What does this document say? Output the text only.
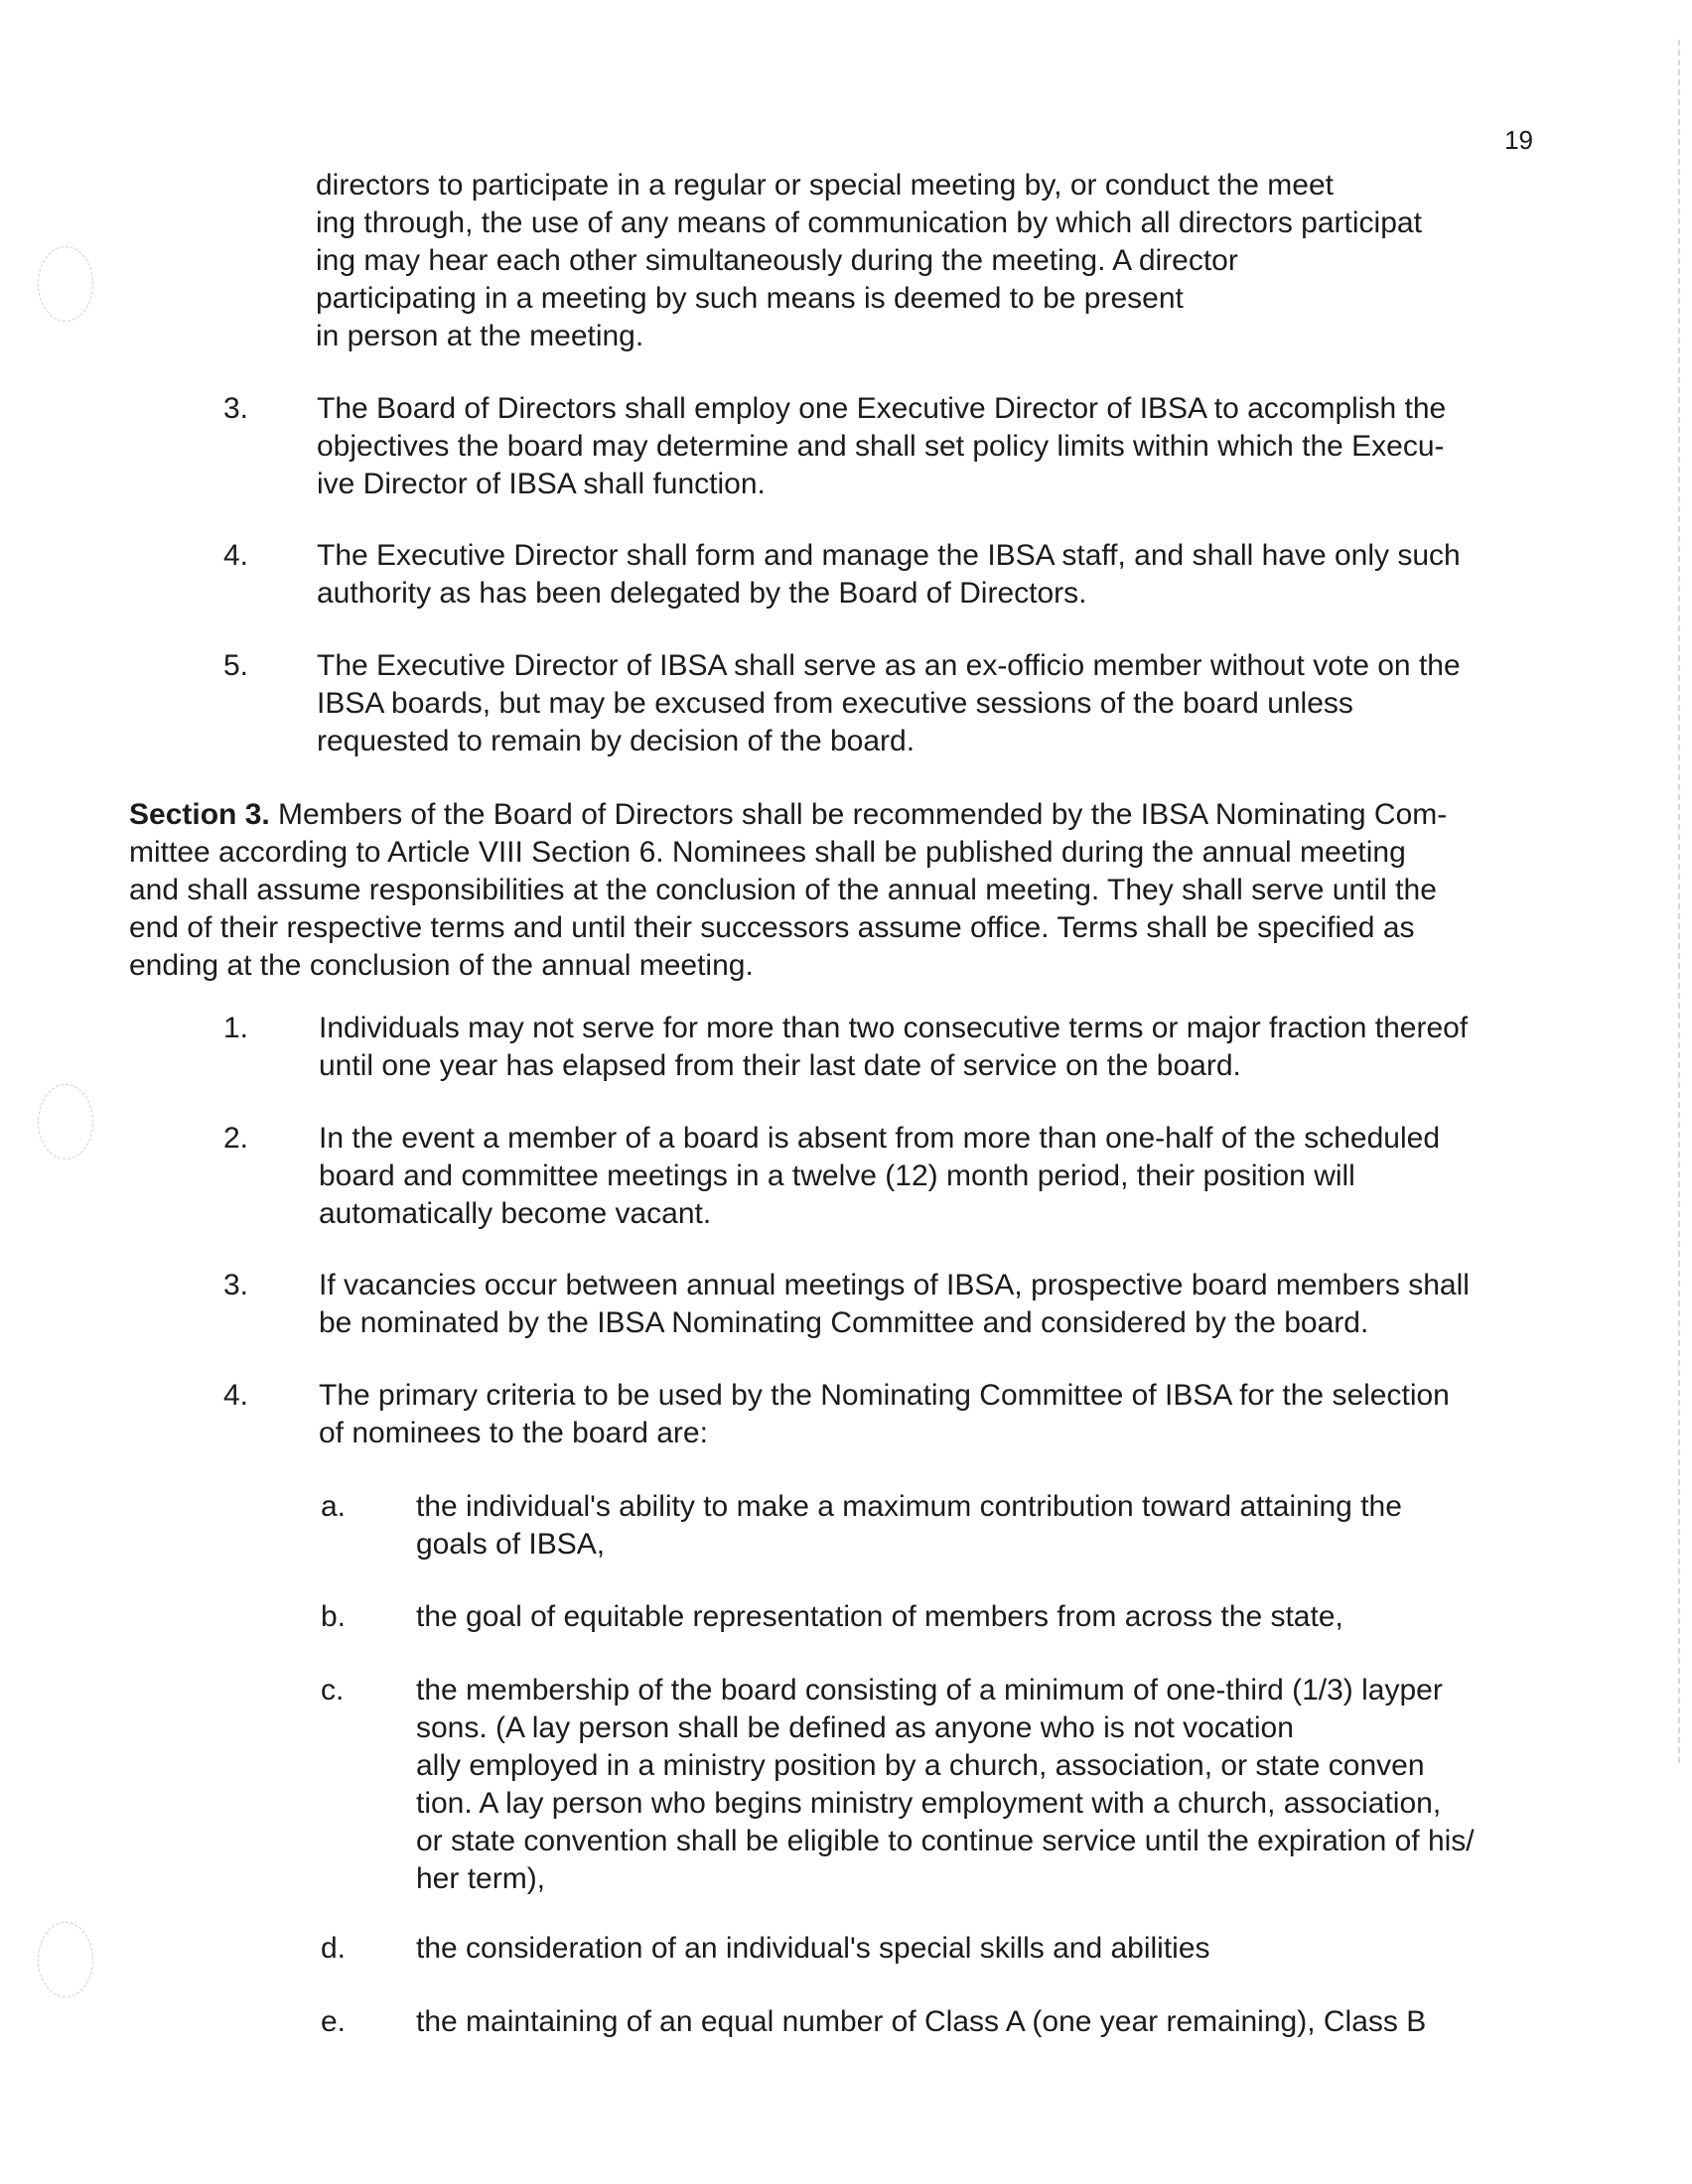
19
directors to participate in a regular or special meeting by, or conduct the meet
ing through, the use of any means of communication by which all directors participat
ing may hear each other simultaneously during the meeting. A director
participating in a meeting by such means is deemed to be present
in person at the meeting.
3. The Board of Directors shall employ one Executive Director of IBSA to accomplish the
objectives the board may determine and shall set policy limits within which the Execu-
ive Director of IBSA shall function.
4. The Executive Director shall form and manage the IBSA staff, and shall have only such
authority as has been delegated by the Board of Directors.
5. The Executive Director of IBSA shall serve as an ex-officio member without vote on the
IBSA boards, but may be excused from executive sessions of the board unless
requested to remain by decision of the board.
Section 3. Members of the Board of Directors shall be recommended by the IBSA Nominating Com-
mittee according to Article VIII Section 6. Nominees shall be published during the annual meeting
and shall assume responsibilities at the conclusion of the annual meeting. They shall serve until the
end of their respective terms and until their successors assume office. Terms shall be specified as
ending at the conclusion of the annual meeting.
1. Individuals may not serve for more than two consecutive terms or major fraction thereof
until one year has elapsed from their last date of service on the board.
2. In the event a member of a board is absent from more than one-half of the scheduled
board and committee meetings in a twelve (12) month period, their position will
automatically become vacant.
3. If vacancies occur between annual meetings of IBSA, prospective board members shall
be nominated by the IBSA Nominating Committee and considered by the board.
4. The primary criteria to be used by the Nominating Committee of IBSA for the selection
of nominees to the board are:
a. the individual's ability to make a maximum contribution toward attaining the
goals of IBSA,
b. the goal of equitable representation of members from across the state,
c. the membership of the board consisting of a minimum of one-third (1/3) layper
sons. (A lay person shall be defined as anyone who is not vocation
ally employed in a ministry position by a church, association, or state conven
tion. A lay person who begins ministry employment with a church, association,
or state convention shall be eligible to continue service until the expiration of his/
her term),
d. the consideration of an individual's special skills and abilities
e. the maintaining of an equal number of Class A (one year remaining), Class B
